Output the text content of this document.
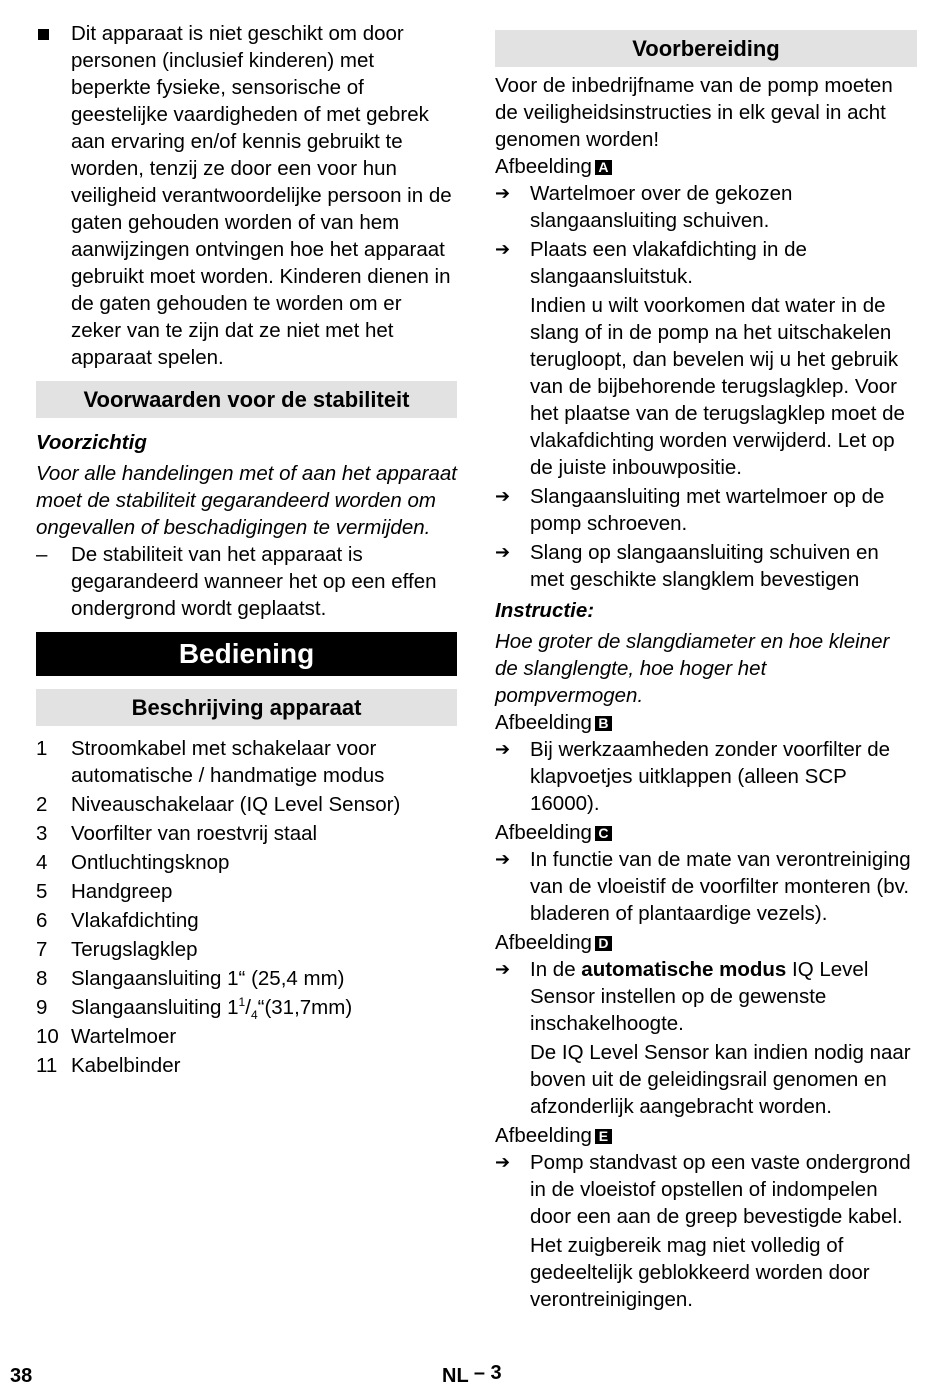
Dit apparaat is niet geschikt om door personen (inclusief kinderen) met beperkte fysieke, sensorische of geestelijke vaardigheden of met gebrek aan ervaring en/of kennis gebruikt te worden, tenzij ze door een voor hun veiligheid verantwoordelijke persoon in de gaten gehouden worden of van hem aanwijzingen ontvingen hoe het apparaat gebruikt moet worden. Kinderen dienen in de gaten gehouden te worden om er zeker van te zijn dat ze niet met het apparaat spelen.

Voorwaarden voor de stabiliteit

Voorzichtig

Voor alle handelingen met of aan het apparaat moet de stabiliteit gegarandeerd worden om ongevallen of beschadigingen te vermijden.

–	De stabiliteit van het apparaat is gegarandeerd wanneer het op een effen ondergrond wordt geplaatst.

Bediening
Beschrijving apparaat
1	Stroomkabel met schakelaar voor automatische / handmatige modus
2	Niveauschakelaar (IQ Level Sensor)
3	Voorfilter van roestvrij staal
4	Ontluchtingsknop
5	Handgreep
6	Vlakafdichting
7	Terugslagklep
8	Slangaansluiting 1“ (25,4 mm)
9	Slangaansluiting $1^1/_4“(31,7mm)$
10 Wartelmoer
11 Kabelbinder
Voorbereiding

Voor de inbedrijfname van de pomp moeten de veiligheidsinstructies in elk geval in acht genomen worden!

Afbeelding A

➔ Wartelmoer over de gekozen slangaansluiting schuiven.

➔ Plaats een vlakafdichting in de slangaansluitstuk.

Indien u wilt voorkomen dat water in de slang of in de pomp na het uitschakelen terugloopt, dan bevelen wij u het gebruik van de bijbehorende terugslagklep. Voor het plaatse van de terugslagklep moet de vlakafdichting worden verwijderd. Let op de juiste inbouwpositie.

➔ Slangaansluiting met wartelmoer op de pomp schroeven.

➔ Slang op slangaansluiting schuiven en met geschikte slangklem bevestigen

Instructie:

Hoe groter de slangdiameter en hoe kleiner de slanglengte, hoe hoger het pompvermogen.

Afbeelding B

➔ Bij werkzaamheden zonder voorfilter de klapvoetjes uitklappen (alleen SCP 16000).

Afbeelding C

➔ In functie van de mate van verontreiniging van de vloeistif de voorfilter monteren (bv. bladeren of plantaardige vezels).

Afbeelding D

➔ In de automatische modus IQ Level Sensor instellen op de gewenste inschakelhoogte.

De IQ Level Sensor kan indien nodig naar boven uit de geleidingsrail genomen en afzonderlijk aangebracht worden.

Afbeelding E

➔ Pomp standvast op een vaste ondergrond in de vloeistof opstellen of indompelen door een aan de greep bevestigde kabel.

Het zuigbereik mag niet volledig of gedeeltelijk geblokkeerd worden door verontreinigingen.

38	NL – 3
